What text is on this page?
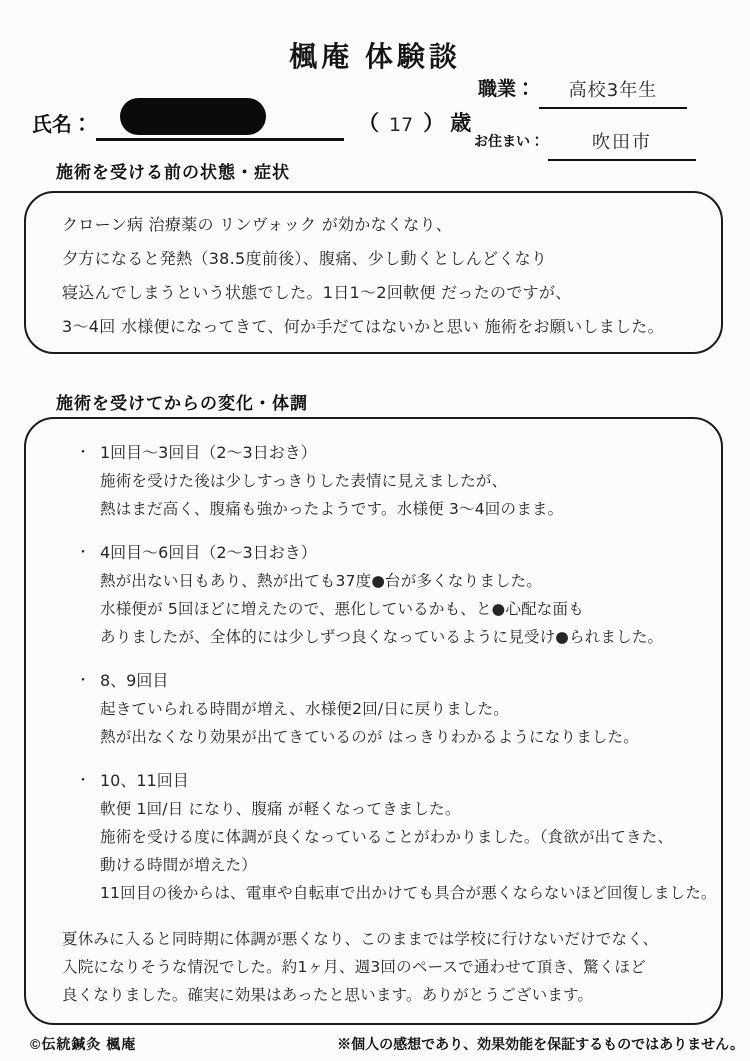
楓庵 体験談
氏名：	（ 17 ） 歳
職業：	高校3年生
お住まい：	吹田市
施術を受ける前の状態・症状
クローン病 治療薬の リンヴォック が効かなくなり、
夕方になると発熱（38.5度前後）、腹痛、少し動くとしんどくなり
寝込んでしまうという状態でした。1日1〜2回軟便 だったのですが、
3〜4回 水様便になってきて、何か手だてはないかと思い 施術をお願いしました。
施術を受けてからの変化・体調
・ 1回目〜3回目（2〜3日おき）
施術を受けた後は少しすっきりした表情に見えましたが、
熱はまだ高く、腹痛も強かったようです。水様便 3〜4回のまま。
・ 4回目〜6回目（2〜3日おき）
熱が出ない日もあり、熱が出ても37度●台が多くなりました。
水様便が 5回ほどに増えたので、悪化しているかも、と●心配な面も
ありましたが、全体的には少しずつ良くなっているように見受け●られました。
・ 8、9回目
起きていられる時間が増え、水様便2回/日に戻りました。
熱が出なくなり効果が出てきているのが はっきりわかるようになりました。
・ 10、11回目
軟便 1回/日 になり、腹痛 が軽くなってきました。
施術を受ける度に体調が良くなっていることがわかりました。（食欲が出てきた、
動ける時間が増えた）
11回目の後からは、電車や自転車で出かけても具合が悪くならないほど回復しました。
夏休みに入ると同時期に体調が悪くなり、このままでは学校に行けないだけでなく、
入院になりそうな情況でした。約1ヶ月、週3回のペースで通わせて頂き、驚くほど
良くなりました。確実に効果はあったと思います。ありがとうございます。
©伝統鍼灸 楓庵	※個人の感想であり、効果効能を保証するものではありません。
